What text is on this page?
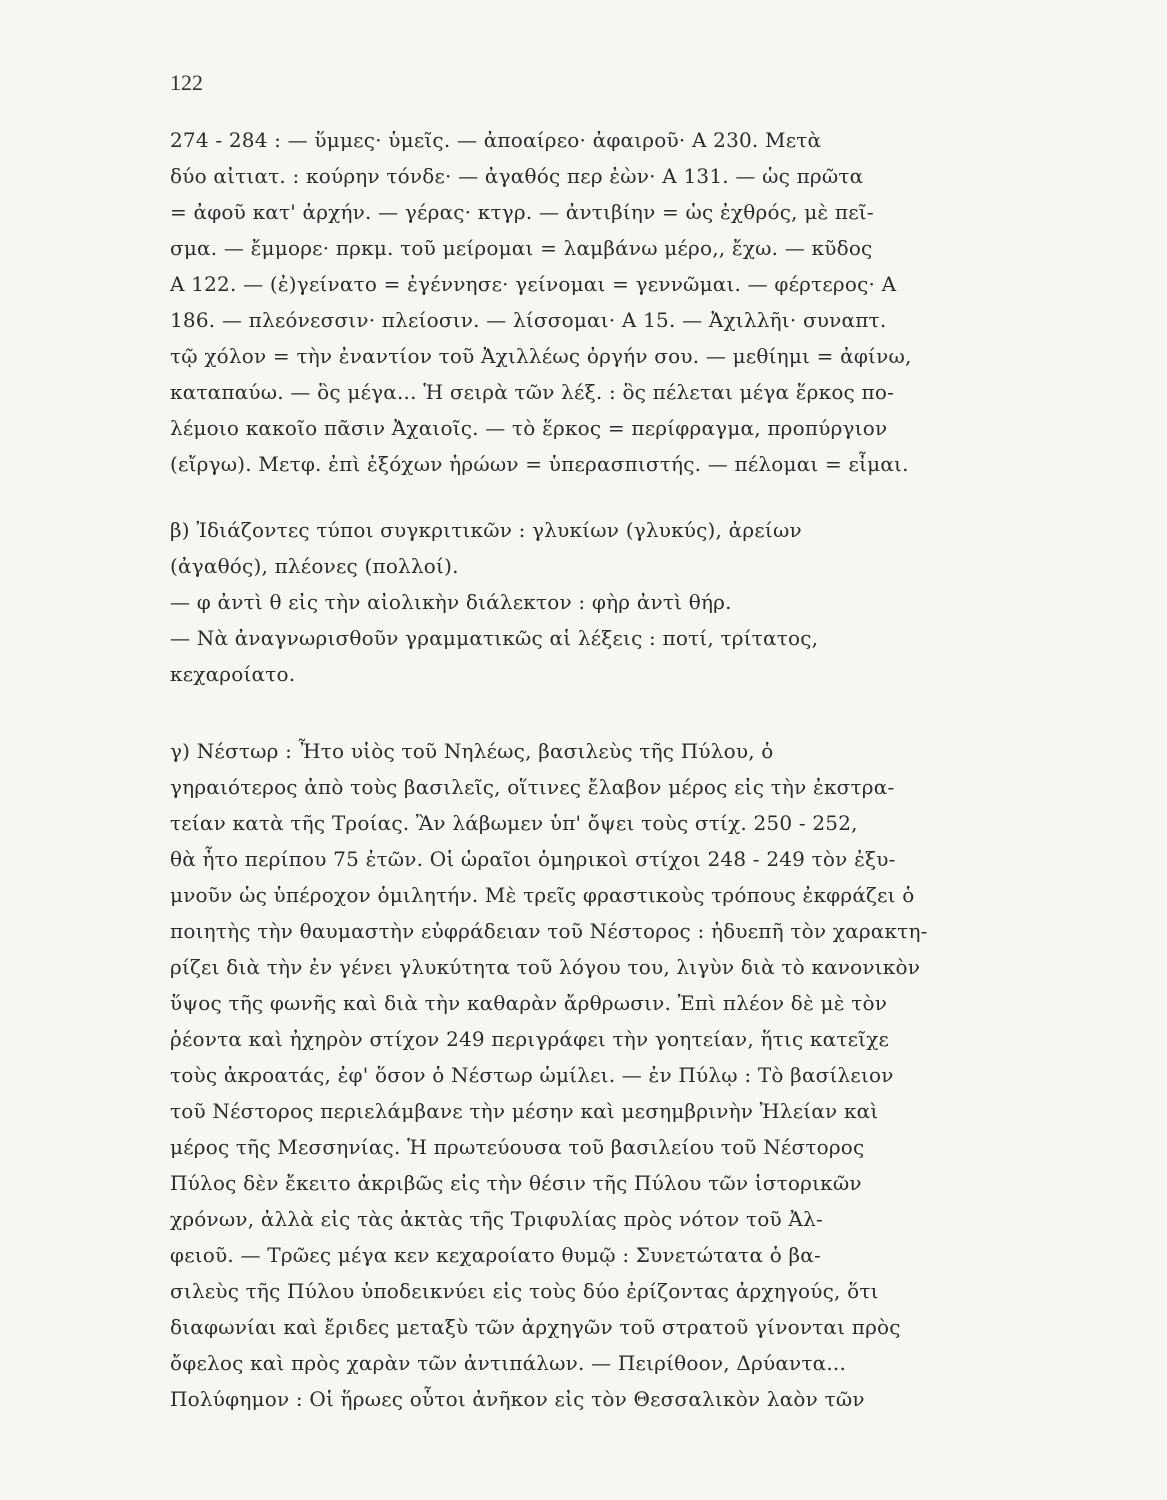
122
274 - 284 : — ὕμμες· ὑμεῖς. — ἀποαίρεο· ἀφαιροῦ· Α 230. Μετὰ
δύο αἰτιατ. : κούρην τόνδε· — ἀγαθός περ ἐὼν· Α 131. — ὡς πρῶτα
= ἀφοῦ κατ' ἀρχήν. — γέρας· κτγρ. — ἀντιβίην = ὡς ἐχθρός, μὲ πεῖ-
σμα. — ἔμμορε· πρκμ. τοῦ μείρομαι = λαμβάνω μέρο,, ἔχω. — κῦδος
Α 122. — (ἐ)γείνατο = ἐγέννησε· γείνομαι = γεννῶμαι. — φέρτερος· Α
186. — πλεόνεσσιν· πλείοσιν. — λίσσομαι· Α 15. — Ἀχιλλῆι· συναπτ.
τῷ χόλον = τὴν ἐναντίον τοῦ Ἀχιλλέως ὀργήν σου. — μεθίημι = ἀφίνω,
καταπαύω. — ὃς μέγα... Ἡ σειρὰ τῶν λέξ. : ὃς πέλεται μέγα ἕρκος πο-
λέμοιο κακοῖο πᾶσιν Ἀχαιοῖς. — τὸ ἕρκος = περίφραγμα, προπύργιον
(εἴργω). Μετφ. ἐπὶ ἐξόχων ἡρώων = ὑπερασπιστής. — πέλομαι = εἶμαι.
β) Ἰδιάζοντες τύποι συγκριτικῶν : γλυκίων (γλυκύς), ἀρείων
(ἀγαθός), πλέονες (πολλοί).
— φ ἀντὶ θ εἰς τὴν αἰολικὴν διάλεκτον : φὴρ ἀντὶ θήρ.
— Νὰ ἀναγνωρισθοῦν γραμματικῶς αἱ λέξεις : ποτί, τρίτατος,
κεχαροίατο.
γ) Νέστωρ : Ἦτο υἱὸς τοῦ Νηλέως, βασιλεὺς τῆς Πύλου, ὁ
γηραιότερος ἀπὸ τοὺς βασιλεῖς, οἵτινες ἔλαβον μέρος εἰς τὴν ἐκστρα-
τείαν κατὰ τῆς Τροίας. Ἂν λάβωμεν ὑπ' ὄψει τοὺς στίχ. 250 - 252,
θὰ ἦτο περίπου 75 ἐτῶν. Οἱ ὡραῖοι ὁμηρικοὶ στίχοι 248 - 249 τὸν ἐξυ-
μνοῦν ὡς ὑπέροχον ὁμιλητήν. Μὲ τρεῖς φραστικοὺς τρόπους ἐκφράζει ὁ
ποιητὴς τὴν θαυμαστὴν εὐφράδειαν τοῦ Νέστορος : ἡδυεπῆ τὸν χαρακτη-
ρίζει διὰ τὴν ἐν γένει γλυκύτητα τοῦ λόγου του, λιγὺν διὰ τὸ κανονικὸν
ὕψος τῆς φωνῆς καὶ διὰ τὴν καθαρὰν ἄρθρωσιν. Ἐπὶ πλέον δὲ μὲ τὸν
ῥέοντα καὶ ἠχηρὸν στίχον 249 περιγράφει τὴν γοητείαν, ἥτις κατεῖχε
τοὺς ἀκροατάς, ἐφ' ὅσον ὁ Νέστωρ ὡμίλει. — ἐν Πύλῳ : Τὸ βασίλειον
τοῦ Νέστορος περιελάμβανε τὴν μέσην καὶ μεσημβρινὴν Ἠλείαν καὶ
μέρος τῆς Μεσσηνίας. Ἡ πρωτεύουσα τοῦ βασιλείου τοῦ Νέστορος
Πύλος δὲν ἔκειτο ἀκριβῶς εἰς τὴν θέσιν τῆς Πύλου τῶν ἱστορικῶν
χρόνων, ἀλλὰ εἰς τὰς ἀκτὰς τῆς Τριφυλίας πρὸς νότον τοῦ Ἀλ-
φειοῦ. — Τρῶες μέγα κεν κεχαροίατο θυμῷ : Συνετώτατα ὁ βα-
σιλεὺς τῆς Πύλου ὑποδεικνύει εἰς τοὺς δύο ἐρίζοντας ἀρχηγούς, ὅτι
διαφωνίαι καὶ ἔριδες μεταξὺ τῶν ἀρχηγῶν τοῦ στρατοῦ γίνονται πρὸς
ὄφελος καὶ πρὸς χαρὰν τῶν ἀντιπάλων. — Πειρίθοον, Δρύαντα...
Πολύφημον : Οἱ ἥρωες οὗτοι ἀνῆκον εἰς τὸν Θεσσαλικὸν λαὸν τῶν
